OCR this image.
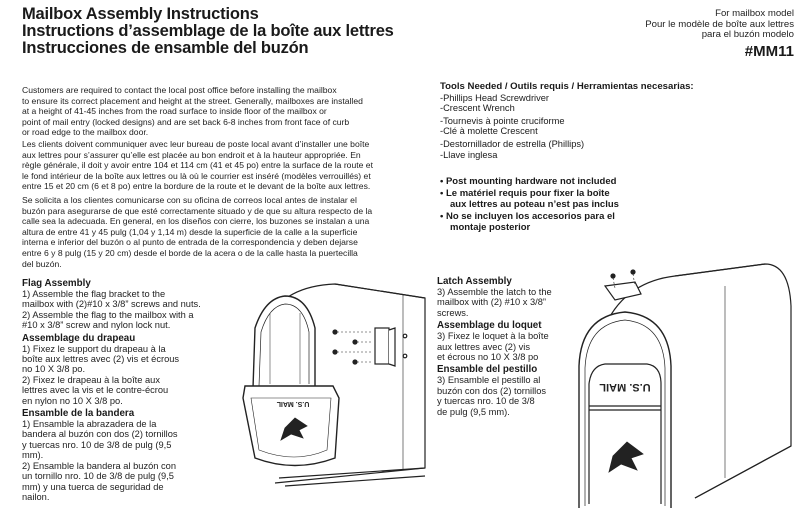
Mailbox Assembly Instructions
Instructions d’assemblage de la boîte aux lettres
Instrucciones de ensamble del buzón
For mailbox model
Pour le modèle de boîte aux lettres
para el buzón modelo
#MM11
Customers are required to contact the local post office before installing the mailbox
to ensure its correct placement and height at the street. Generally, mailboxes are installed
at a height of 41-45 inches from the road surface to inside floor of the mailbox or
point of mail entry (locked designs) and are set back 6-8 inches from front face of curb
or road edge to the mailbox door.
Les clients doivent communiquer avec leur bureau de poste local avant d’installer une boîte
aux lettres pour s’assurer qu’elle est placée au bon endroit et à la hauteur appropriée. En
règle générale, il doit y avoir entre 104 et 114 cm (41 et 45 po) entre la surface de la route et
le fond intérieur de la boîte aux lettres ou là où le courrier est inséré (modèles verrouillés) et
entre 15 et 20 cm (6 et 8 po) entre la bordure de la route et le devant de la boîte aux lettres.
Se solicita a los clientes comunicarse con su oficina de correos local antes de instalar el
buzón para asegurarse de que esté correctamente situado y de que su altura respecto de la
calle sea la adecuada. En general, en los diseños con cierre, los buzones se instalan a una
altura de entre 41 y 45 pulg (1,04 y 1,14 m) desde la superficie de la calle a la superficie
interna e inferior del buzón o al punto de entrada de la correspondencia y deben dejarse
entre 6 y 8 pulg (15 y 20 cm) desde el borde de la acera o de la calle hasta la puertecilla
del buzón.
Tools Needed / Outils requis / Herramientas necesarias:
-Phillips Head Screwdriver
-Crescent Wrench
-Tournevis à pointe cruciforme
-Clé à molette Crescent
-Destornillador de estrella (Phillips)
-Llave inglesa
• Post mounting hardware not included
• Le matériel requis pour fixer la boîte
aux lettres au poteau n’est pas inclus
• No se incluyen los accesorios para el
montaje posterior
Flag Assembly
1) Assemble the flag bracket to the
mailbox with (2)#10 x 3/8” screws and nuts.
2) Assemble the flag to the mailbox with a
#10 x 3/8” screw and nylon lock nut.
Assemblage du drapeau
1) Fixez le support du drapeau à la
boîte aux lettres avec (2) vis et écrous
no 10 X 3/8 po.
2) Fixez le drapeau à la boîte aux
lettres avec la vis et le contre-écrou
en nylon no 10 X 3/8 po.
Ensamble de la bandera
1) Ensamble la abrazadera de la
bandera al buzón con dos (2) tornillos
y tuercas nro. 10 de 3/8 de pulg (9,5
mm).
2) Ensamble la bandera al buzón con
un tornillo nro. 10 de 3/8 de pulg (9,5
mm) y una tuerca de seguridad de
nailon.
Latch Assembly
3) Assemble the latch to the
mailbox with (2) #10 x 3/8”
screws.
Assemblage du loquet
3) Fixez le loquet à la boîte
aux lettres avec (2) vis
et écrous no 10 X 3/8 po
Ensamble del pestillo
3) Ensamble el pestillo al
buzón con dos (2) tornillos
y tuercas nro. 10 de 3/8
de pulg (9,5 mm).
U.S. MAIL
U.S. MAIL
